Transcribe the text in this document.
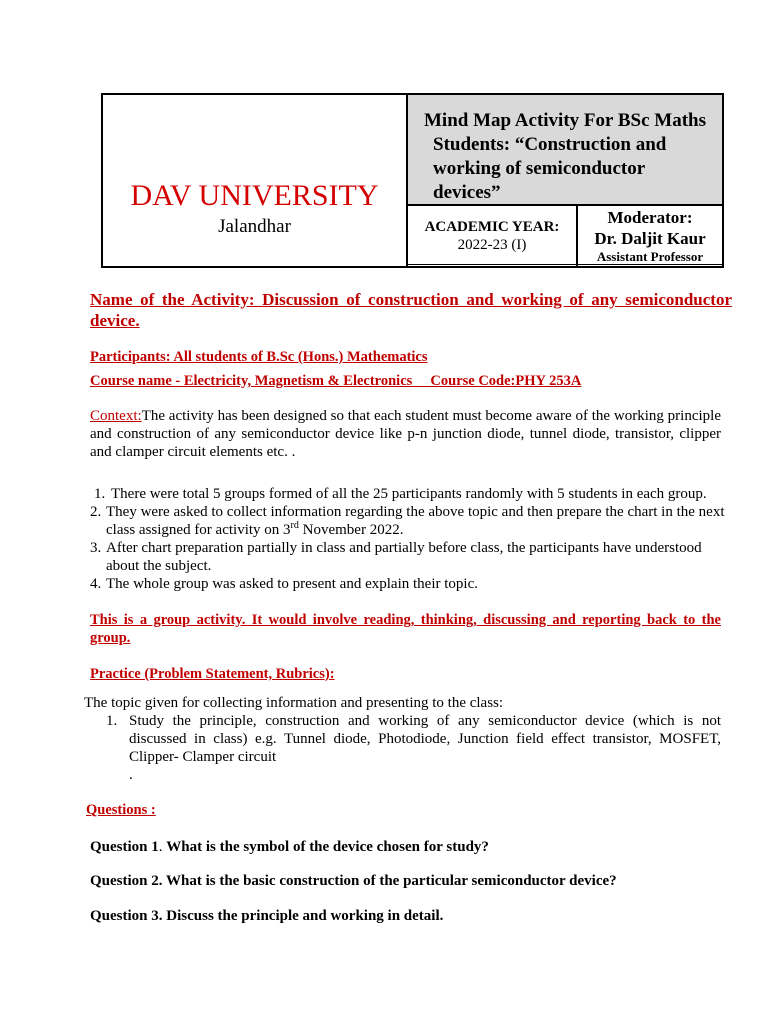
DAV UNIVERSITY
Jalandhar
Mind Map Activity For BSc Maths
Students: “Construction and
working of semiconductor
devices”
ACADEMIC YEAR:
2022-23 (I)
Moderator:
Dr. Daljit Kaur
Assistant Professor
Name of the Activity: Discussion of construction and working of any semiconductor device.
Participants: All students of B.Sc (Hons.) Mathematics
Course name - Electricity, Magnetism & Electronics     Course Code:PHY 253A
Context:The activity has been designed so that each student must become aware of the working principle and construction of any semiconductor device like p-n junction diode, tunnel diode, transistor, clipper and clamper circuit elements etc. .
1. There were total 5 groups formed of all the 25 participants randomly with 5 students in each group.
2. They were asked to collect information regarding the above topic and then prepare the chart in the next class assigned for activity on 3rd November 2022.
3. After chart preparation partially in class and partially before class, the participants have understood about the subject.
4. The whole group was asked to present and explain their topic.
This is a group activity. It would involve reading, thinking, discussing and reporting back to the group.
Practice (Problem Statement, Rubrics):
The topic given for collecting information and presenting to the class:
1. Study the principle, construction and working of any semiconductor device (which is not discussed in class) e.g. Tunnel diode, Photodiode, Junction field effect transistor, MOSFET, Clipper- Clamper circuit
.
Questions :
Question 1. What is the symbol of the device chosen for study?
Question 2. What is the basic construction of the particular semiconductor device?
Question 3. Discuss the principle and working in detail.
